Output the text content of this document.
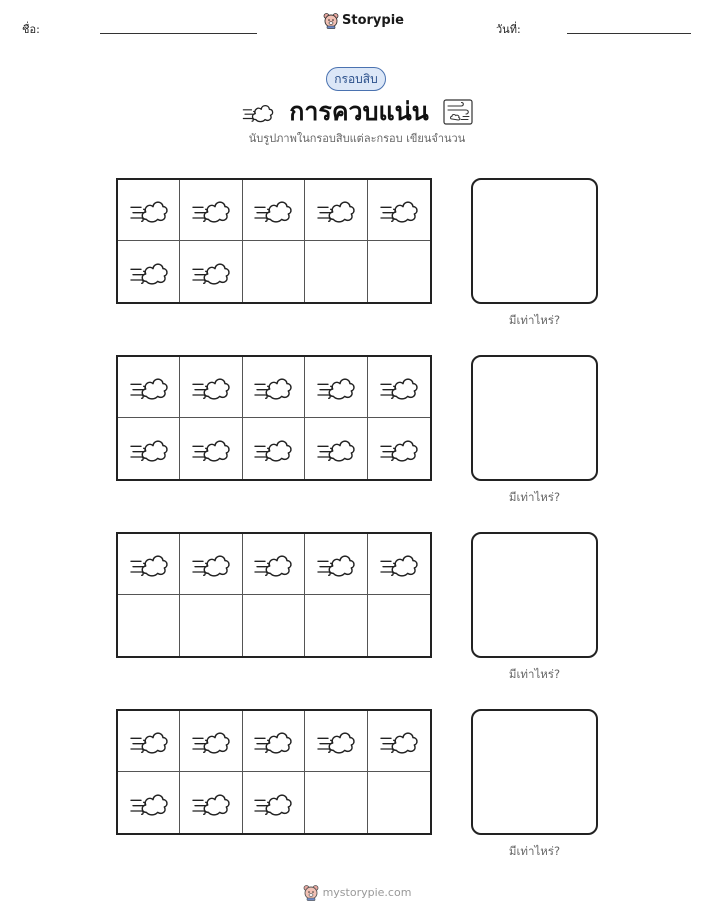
ชื่อ:
Storypie
วันที่:
กรอบสิบ
การควบแน่น
นับรูปภาพในกรอบสิบแต่ละกรอบ เขียนจำนวน
มีเท่าไหร่?
มีเท่าไหร่?
มีเท่าไหร่?
มีเท่าไหร่?
mystorypie.com
